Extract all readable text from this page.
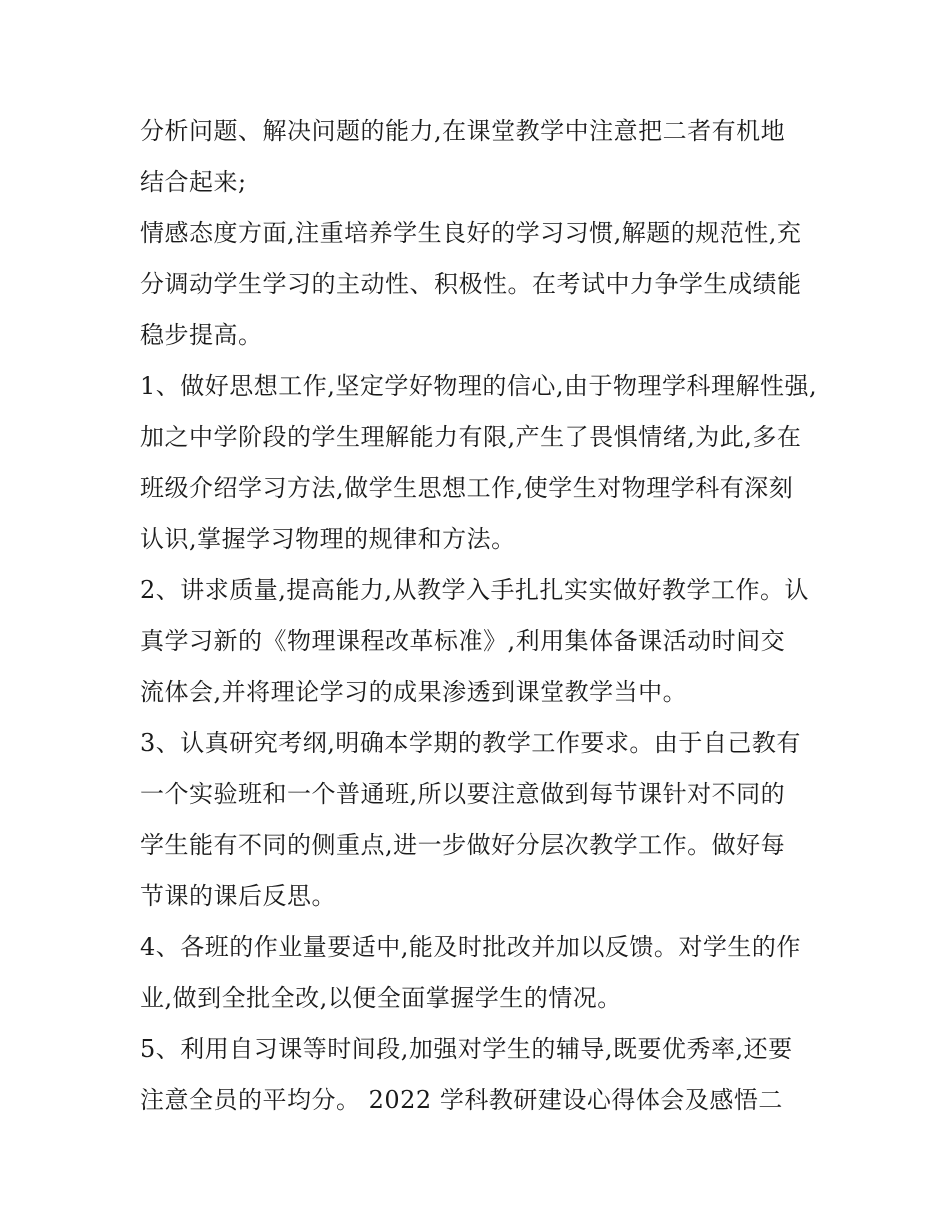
分析问题、解决问题的能力,在课堂教学中注意把二者有机地
结合起来;
情感态度方面,注重培养学生良好的学习习惯,解题的规范性,充
分调动学生学习的主动性、积极性。在考试中力争学生成绩能
稳步提高。
1、做好思想工作,坚定学好物理的信心,由于物理学科理解性强,
加之中学阶段的学生理解能力有限,产生了畏惧情绪,为此,多在
班级介绍学习方法,做学生思想工作,使学生对物理学科有深刻
认识,掌握学习物理的规律和方法。
2、讲求质量,提高能力,从教学入手扎扎实实做好教学工作。认
真学习新的《物理课程改革标准》,利用集体备课活动时间交
流体会,并将理论学习的成果渗透到课堂教学当中。
3、认真研究考纲,明确本学期的教学工作要求。由于自己教有
一个实验班和一个普通班,所以要注意做到每节课针对不同的
学生能有不同的侧重点,进一步做好分层次教学工作。做好每
节课的课后反思。
4、各班的作业量要适中,能及时批改并加以反馈。对学生的作
业,做到全批全改,以便全面掌握学生的情况。
5、利用自习课等时间段,加强对学生的辅导,既要优秀率,还要
注意全员的平均分。 2022 学科教研建设心得体会及感悟二
